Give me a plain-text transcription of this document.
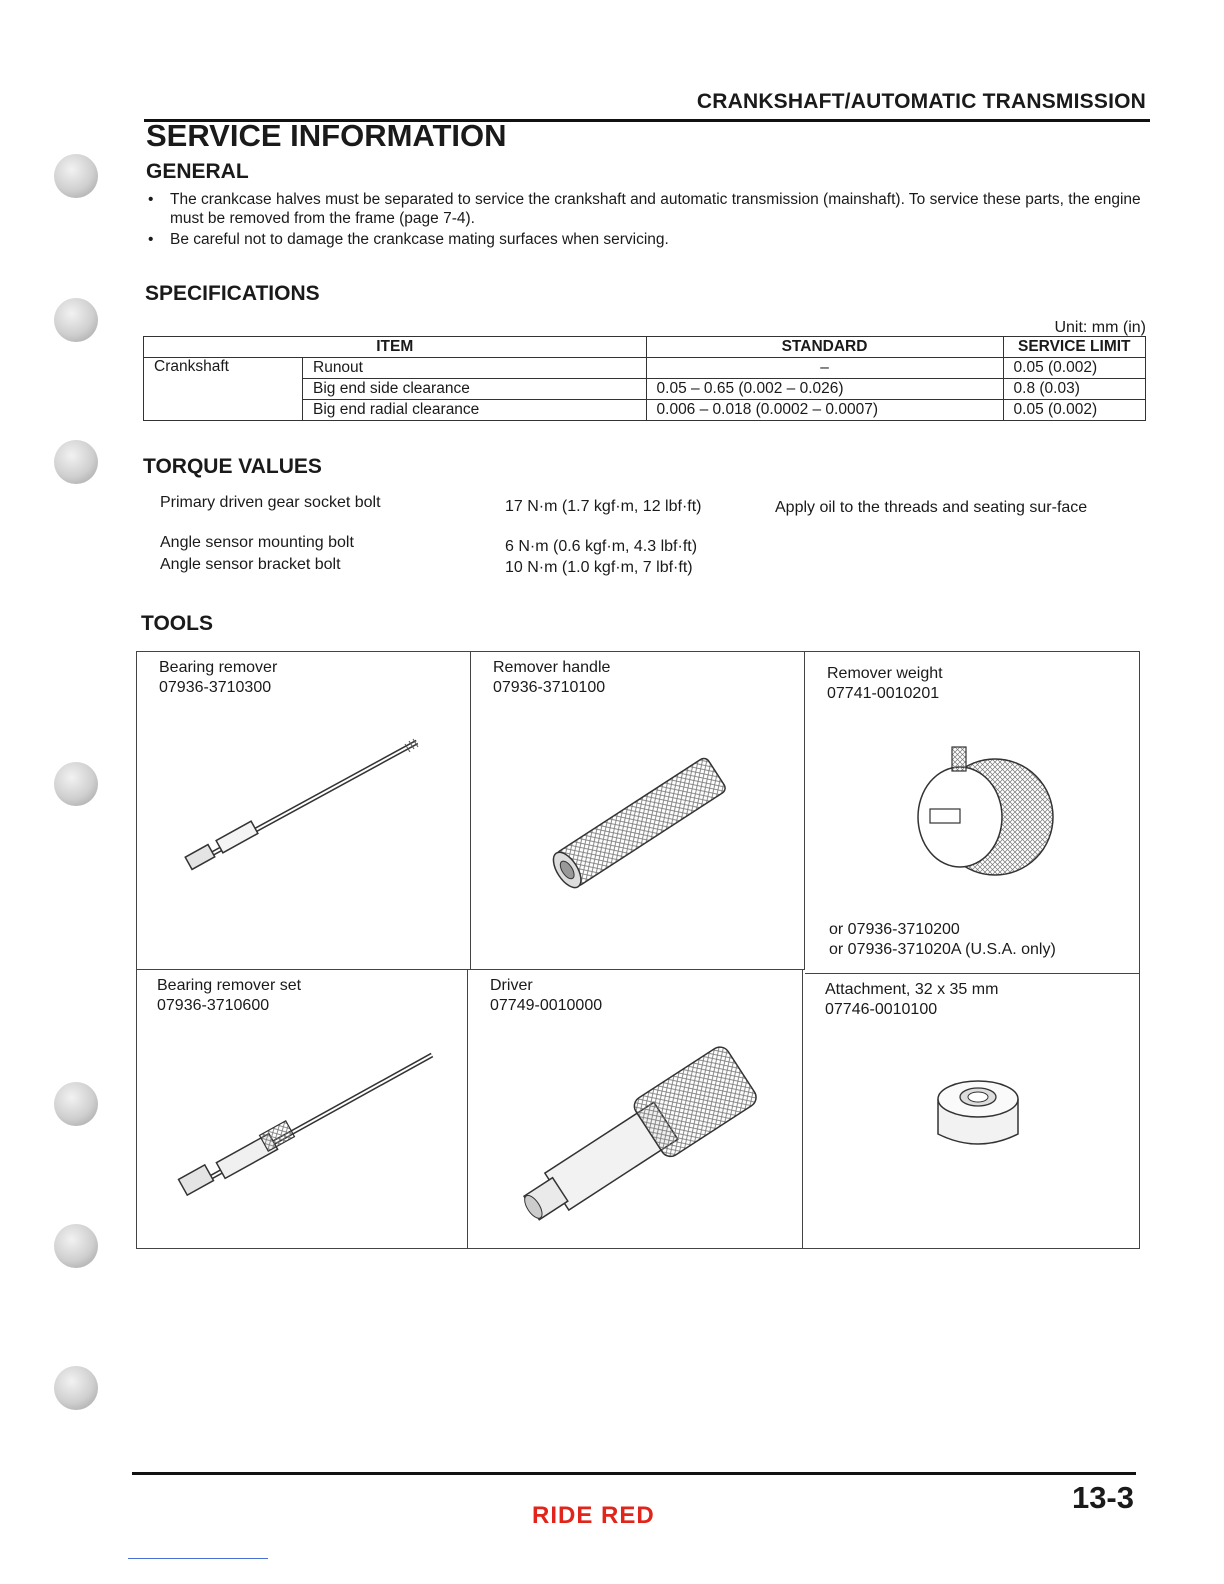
CRANKSHAFT/AUTOMATIC TRANSMISSION
SERVICE INFORMATION
GENERAL
• The crankcase halves must be separated to service the crankshaft and automatic transmission (mainshaft). To service these parts, the engine must be removed from the frame (page 7-4).
• Be careful not to damage the crankcase mating surfaces when servicing.
SPECIFICATIONS
Unit: mm (in)
ITEM		STANDARD	SERVICE LIMIT
Crankshaft	Runout	–	0.05 (0.002)
	Big end side clearance	0.05 – 0.65 (0.002 – 0.026)	0.8 (0.03)
	Big end radial clearance	0.006 – 0.018 (0.0002 – 0.0007)	0.05 (0.002)
TORQUE VALUES
Primary driven gear socket bolt	17 N·m (1.7 kgf·m, 12 lbf·ft)	Apply oil to the threads and seating sur-face
Angle sensor mounting bolt	6 N·m (0.6 kgf·m, 4.3 lbf·ft)
Angle sensor bracket bolt	10 N·m (1.0 kgf·m, 7 lbf·ft)
TOOLS
Bearing remover
07936-3710300
Remover handle
07936-3710100
Remover weight
07741-0010201
or 07936-3710200
or 07936-371020A (U.S.A. only)
Bearing remover set
07936-3710600
Driver
07749-0010000
Attachment, 32 x 35 mm
07746-0010100
13-3
RIDE RED
